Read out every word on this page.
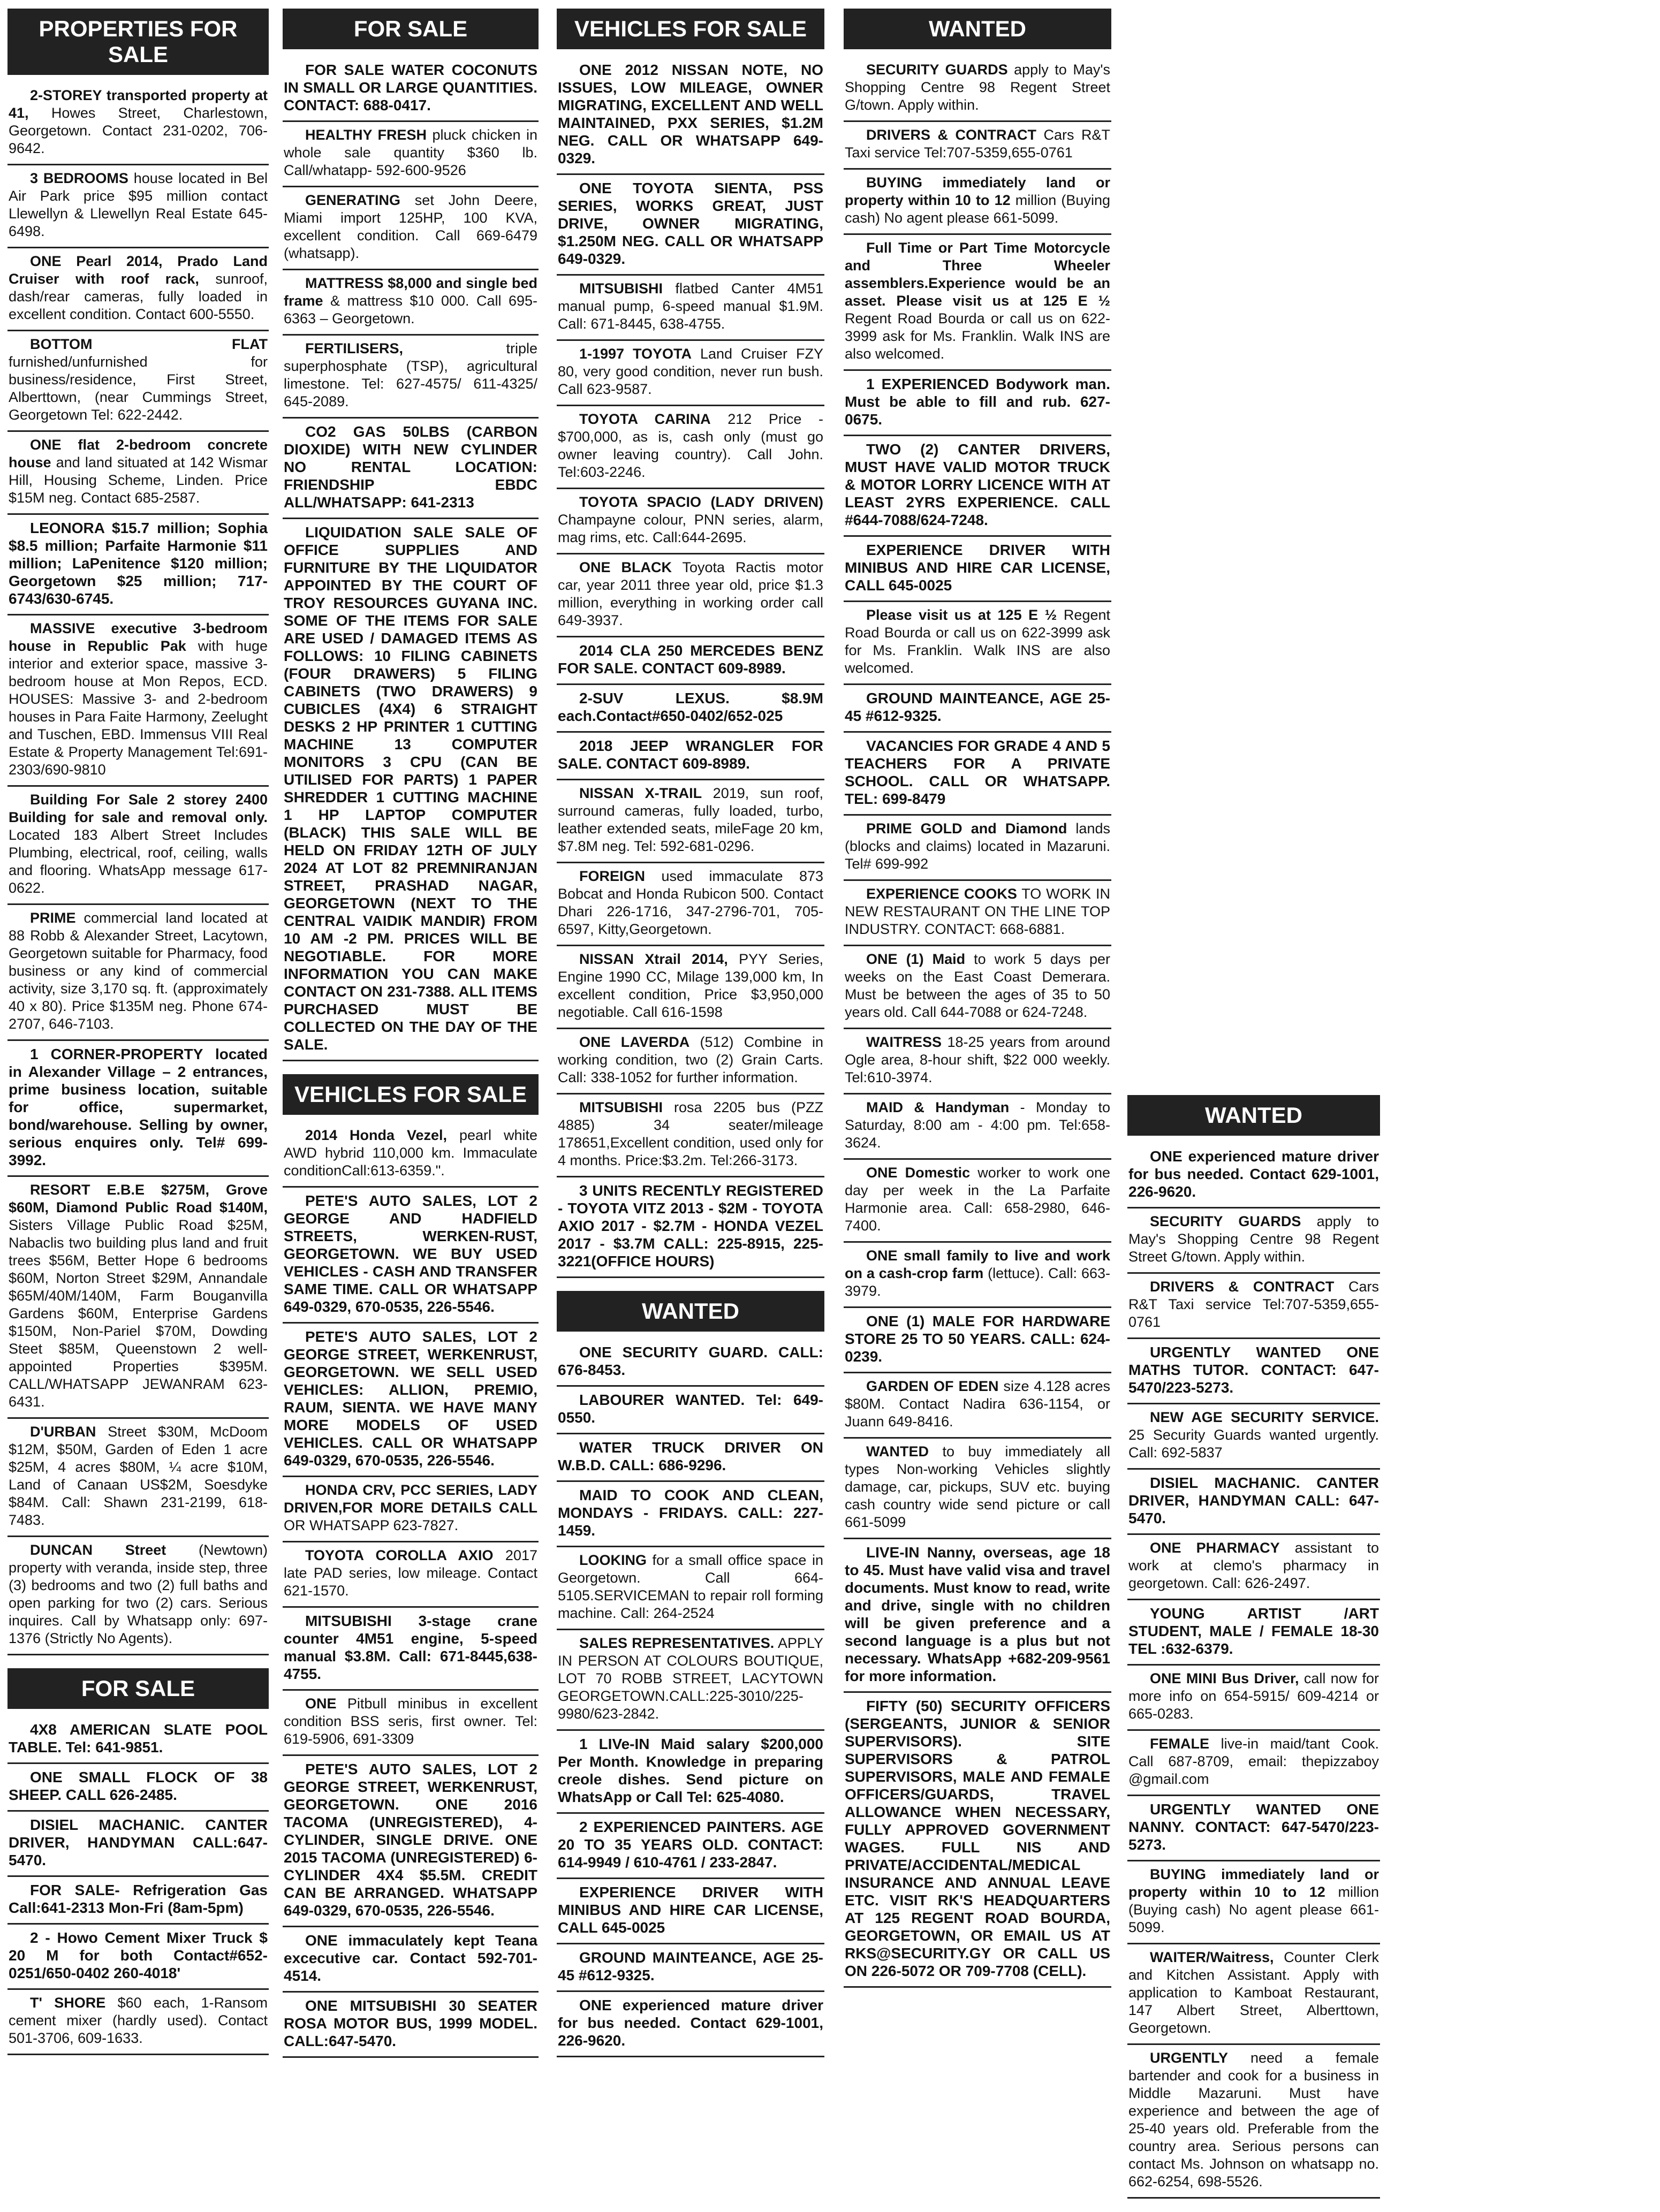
PROPERTIES FOR SALE
2-STOREY transported property at 41, Howes Street, Charlestown, Georgetown. Contact 231-0202, 706-9642.
3 BEDROOMS house located in Bel Air Park price $95 million contact Llewellyn & Llewellyn Real Estate 645-6498.
ONE Pearl 2014, Prado Land Cruiser with roof rack, sunroof, dash/rear cameras, fully loaded in excellent condition. Contact 600-5550.
BOTTOM FLAT furnished/unfurnished for business/residence, First Street, Alberttown, (near Cummings Street, Georgetown Tel: 622-2442.
ONE flat 2-bedroom concrete house and land situated at 142 Wismar Hill, Housing Scheme, Linden. Price $15M neg. Contact 685-2587.
LEONORA $15.7 million; Sophia $8.5 million; Parfaite Harmonie $11 million; LaPenitence $120 million; Georgetown $25 million; 717-6743/630-6745.
MASSIVE executive 3-bedroom house in Republic Pak with huge interior and exterior space, massive 3-bedroom house at Mon Repos, ECD. HOUSES: Massive 3- and 2-bedroom houses in Para Faite Harmony, Zeelught and Tuschen, EBD. Immensus VIII Real Estate & Property Management Tel:691-2303/690-9810
Building For Sale 2 storey 2400 Building for sale and removal only. Located 183 Albert Street Includes Plumbing, electrical, roof, ceiling, walls and flooring. WhatsApp message 617-0622.
PRIME commercial land located at 88 Robb & Alexander Street, Lacytown, Georgetown suitable for Pharmacy, food business or any kind of commercial activity, size 3,170 sq. ft. (approximately 40 x 80). Price $135M neg. Phone 674-2707, 646-7103.
1 CORNER-PROPERTY located in Alexander Village – 2 entrances, prime business location, suitable for office, supermarket, bond/warehouse. Selling by owner, serious enquires only. Tel# 699-3992.
RESORT E.B.E $275M, Grove $60M, Diamond Public Road $140M, Sisters Village Public Road $25M, Nabaclis two building plus land and fruit trees $56M, Better Hope 6 bedrooms $60M, Norton Street $29M, Annandale $65M/40M/140M, Farm Bouganvilla Gardens $60M, Enterprise Gardens $150M, Non-Pariel $70M, Dowding Steet $85M, Queenstown 2 well-appointed Properties $395M. CALL/WHATSAPP JEWANRAM 623-6431.
D'URBAN Street $30M, McDoom $12M, $50M, Garden of Eden 1 acre $25M, 4 acres $80M, ¼ acre $10M, Land of Canaan US$2M, Soesdyke $84M. Call: Shawn 231-2199, 618-7483.
DUNCAN Street (Newtown) property with veranda, inside step, three (3) bedrooms and two (2) full baths and open parking for two (2) cars. Serious inquires. Call by Whatsapp only: 697-1376 (Strictly No Agents).
FOR SALE
4X8 AMERICAN SLATE POOL TABLE. Tel: 641-9851.
ONE SMALL FLOCK OF 38 SHEEP. CALL 626-2485.
DISIEL MACHANIC. CANTER DRIVER, HANDYMAN CALL:647-5470.
FOR SALE- Refrigeration Gas Call:641-2313 Mon-Fri (8am-5pm)
2 - Howo Cement Mixer Truck $ 20 M for both Contact#652-0251/650-0402 260-4018'
T' SHORE $60 each, 1-Ransom cement mixer (hardly used). Contact 501-3706, 609-1633.
FOR SALE
FOR SALE WATER COCONUTS IN SMALL OR LARGE QUANTITIES. CONTACT: 688-0417.
HEALTHY FRESH pluck chicken in whole sale quantity $360 lb. Call/whatapp- 592-600-9526
GENERATING set John Deere, Miami import 125HP, 100 KVA, excellent condition. Call 669-6479 (whatsapp).
MATTRESS $8,000 and single bed frame & mattress $10 000. Call 695-6363 – Georgetown.
FERTILISERS, triple superphosphate (TSP), agricultural limestone. Tel: 627-4575/ 611-4325/ 645-2089.
CO2 GAS 50LBS (CARBON DIOXIDE) WITH NEW CYLINDER NO RENTAL LOCATION: FRIENDSHIP EBDC ALL/WHATSAPP: 641-2313
LIQUIDATION SALE SALE OF OFFICE SUPPLIES AND FURNITURE BY THE LIQUIDATOR APPOINTED BY THE COURT OF TROY RESOURCES GUYANA INC. SOME OF THE ITEMS FOR SALE ARE USED / DAMAGED ITEMS AS FOLLOWS: 10 FILING CABINETS (FOUR DRAWERS) 5 FILING CABINETS (TWO DRAWERS) 9 CUBICLES (4X4) 6 STRAIGHT DESKS 2 HP PRINTER 1 CUTTING MACHINE 13 COMPUTER MONITORS 3 CPU (CAN BE UTILISED FOR PARTS) 1 PAPER SHREDDER 1 CUTTING MACHINE 1 HP LAPTOP COMPUTER (BLACK) THIS SALE WILL BE HELD ON FRIDAY 12TH OF JULY 2024 AT LOT 82 PREMNIRANJAN STREET, PRASHAD NAGAR, GEORGETOWN (NEXT TO THE CENTRAL VAIDIK MANDIR) FROM 10 AM -2 PM. PRICES WILL BE NEGOTIABLE. FOR MORE INFORMATION YOU CAN MAKE CONTACT ON 231-7388. ALL ITEMS PURCHASED MUST BE COLLECTED ON THE DAY OF THE SALE.
VEHICLES FOR SALE
2014 Honda Vezel, pearl white AWD hybrid 110,000 km. Immaculate conditionCall:613-6359.".
PETE'S AUTO SALES, LOT 2 GEORGE AND HADFIELD STREETS, WERKEN-RUST, GEORGETOWN. WE BUY USED VEHICLES - CASH AND TRANSFER SAME TIME. CALL OR WHATSAPP 649-0329, 670-0535, 226-5546.
PETE'S AUTO SALES, LOT 2 GEORGE STREET, WERKENRUST, GEORGETOWN. WE SELL USED VEHICLES: ALLION, PREMIO, RAUM, SIENTA. WE HAVE MANY MORE MODELS OF USED VEHICLES. CALL OR WHATSAPP 649-0329, 670-0535, 226-5546.
HONDA CRV, PCC SERIES, LADY DRIVEN,FOR MORE DETAILS CALL OR WHATSAPP 623-7827.
TOYOTA COROLLA AXIO 2017 late PAD series, low mileage. Contact 621-1570.
MITSUBISHI 3-stage crane counter 4M51 engine, 5-speed manual $3.8M. Call: 671-8445,638-4755.
ONE Pitbull minibus in excellent condition BSS seris, first owner. Tel: 619-5906, 691-3309
PETE'S AUTO SALES, LOT 2 GEORGE STREET, WERKENRUST, GEORGETOWN. ONE 2016 TACOMA (UNREGISTERED), 4-CYLINDER, SINGLE DRIVE. ONE 2015 TACOMA (UNREGISTERED) 6-CYLINDER 4X4 $5.5M. CREDIT CAN BE ARRANGED. WHATSAPP 649-0329, 670-0535, 226-5546.
ONE immaculately kept Teana excecutive car. Contact 592-701-4514.
ONE MITSUBISHI 30 SEATER ROSA MOTOR BUS, 1999 MODEL. CALL:647-5470.
VEHICLES FOR SALE
ONE 2012 NISSAN NOTE, NO ISSUES, LOW MILEAGE, OWNER MIGRATING, EXCELLENT AND WELL MAINTAINED, PXX SERIES, $1.2M NEG. CALL OR WHATSAPP 649-0329.
ONE TOYOTA SIENTA, PSS SERIES, WORKS GREAT, JUST DRIVE, OWNER MIGRATING, $1.250M NEG. CALL OR WHATSAPP 649-0329.
MITSUBISHI flatbed Canter 4M51 manual pump, 6-speed manual $1.9M. Call: 671-8445, 638-4755.
1-1997 TOYOTA Land Cruiser FZY 80, very good condition, never run bush. Call 623-9587.
TOYOTA CARINA 212 Price - $700,000, as is, cash only (must go owner leaving country). Call John. Tel:603-2246.
TOYOTA SPACIO (LADY DRIVEN) Champayne colour, PNN series, alarm, mag rims, etc. Call:644-2695.
ONE BLACK Toyota Ractis motor car, year 2011 three year old, price $1.3 million, everything in working order call 649-3937.
2014 CLA 250 MERCEDES BENZ FOR SALE. CONTACT 609-8989.
2-SUV LEXUS. $8.9M each.Contact#650-0402/652-025
2018 JEEP WRANGLER FOR SALE. CONTACT 609-8989.
NISSAN X-TRAIL 2019, sun roof, surround cameras, fully loaded, turbo, leather extended seats, mileFage 20 km, $7.8M neg. Tel: 592-681-0296.
FOREIGN used immaculate 873 Bobcat and Honda Rubicon 500. Contact Dhari 226-1716, 347-2796-701, 705-6597, Kitty,Georgetown.
NISSAN Xtrail 2014, PYY Series, Engine 1990 CC, Milage 139,000 km, In excellent condition, Price $3,950,000 negotiable. Call 616-1598
ONE LAVERDA (512) Combine in working condition, two (2) Grain Carts. Call: 338-1052 for further information.
MITSUBISHI rosa 2205 bus (PZZ 4885) 34 seater/mileage 178651,Excellent condition, used only for 4 months. Price:$3.2m. Tel:266-3173.
3 UNITS RECENTLY REGISTERED - TOYOTA VITZ 2013 - $2M - TOYOTA AXIO 2017 - $2.7M - HONDA VEZEL 2017 - $3.7M CALL: 225-8915, 225-3221(OFFICE HOURS)
WANTED
ONE SECURITY GUARD. CALL: 676-8453.
LABOURER WANTED. Tel: 649-0550.
WATER TRUCK DRIVER ON W.B.D. CALL: 686-9296.
MAID TO COOK AND CLEAN, MONDAYS - FRIDAYS. CALL: 227-1459.
LOOKING for a small office space in Georgetown. Call 664-5105.SERVICEMAN to repair roll forming machine. Call: 264-2524
SALES REPRESENTATIVES. APPLY IN PERSON AT COLOURS BOUTIQUE, LOT 70 ROBB STREET, LACYTOWN GEORGETOWN.CALL:225-3010/225-9980/623-2842.
1 LIVe-IN Maid salary $200,000 Per Month. Knowledge in preparing creole dishes. Send picture on WhatsApp or Call Tel: 625-4080.
2 EXPERIENCED PAINTERS. AGE 20 TO 35 YEARS OLD. CONTACT: 614-9949 / 610-4761 / 233-2847.
EXPERIENCE DRIVER WITH MINIBUS AND HIRE CAR LICENSE, CALL 645-0025
GROUND MAINTEANCE, AGE 25-45 #612-9325.
ONE experienced mature driver for bus needed. Contact 629-1001, 226-9620.
WANTED
SECURITY GUARDS apply to May's Shopping Centre 98 Regent Street G/town. Apply within.
DRIVERS & CONTRACT Cars R&T Taxi service Tel:707-5359,655-0761
BUYING immediately land or property within 10 to 12 million (Buying cash) No agent please 661-5099.
Full Time or Part Time Motorcycle and Three Wheeler assemblers.Experience would be an asset. Please visit us at 125 E ½ Regent Road Bourda or call us on 622-3999 ask for Ms. Franklin. Walk INS are also welcomed.
1 EXPERIENCED Bodywork man. Must be able to fill and rub. 627-0675.
TWO (2) CANTER DRIVERS, MUST HAVE VALID MOTOR TRUCK & MOTOR LORRY LICENCE WITH AT LEAST 2YRS EXPERIENCE. CALL #644-7088/624-7248.
EXPERIENCE DRIVER WITH MINIBUS AND HIRE CAR LICENSE, CALL 645-0025
Please visit us at 125 E ½ Regent Road Bourda or call us on 622-3999 ask for Ms. Franklin. Walk INS are also welcomed.
GROUND MAINTEANCE, AGE 25-45 #612-9325.
VACANCIES FOR GRADE 4 AND 5 TEACHERS FOR A PRIVATE SCHOOL. CALL OR WHATSAPP. TEL: 699-8479
PRIME GOLD and Diamond lands (blocks and claims) located in Mazaruni. Tel# 699-992
EXPERIENCE COOKS TO WORK IN NEW RESTAURANT ON THE LINE TOP INDUSTRY. CONTACT: 668-6881.
ONE (1) Maid to work 5 days per weeks on the East Coast Demerara. Must be between the ages of 35 to 50 years old. Call 644-7088 or 624-7248.
WAITRESS 18-25 years from around Ogle area, 8-hour shift, $22 000 weekly. Tel:610-3974.
MAID & Handyman - Monday to Saturday, 8:00 am - 4:00 pm. Tel:658-3624.
ONE Domestic worker to work one day per week in the La Parfaite Harmonie area. Call: 658-2980, 646-7400.
ONE small family to live and work on a cash-crop farm (lettuce). Call: 663-3979.
ONE (1) MALE FOR HARDWARE STORE 25 TO 50 YEARS. CALL: 624-0239.
GARDEN OF EDEN size 4.128 acres $80M. Contact Nadira 636-1154, or Juann 649-8416.
WANTED to buy immediately all types Non-working Vehicles slightly damage, car, pickups, SUV etc. buying cash country wide send picture or call 661-5099
LIVE-IN Nanny, overseas, age 18 to 45. Must have valid visa and travel documents. Must know to read, write and drive, single with no children will be given preference and a second language is a plus but not necessary. WhatsApp +682-209-9561 for more information.
FIFTY (50) SECURITY OFFICERS (SERGEANTS, JUNIOR & SENIOR SUPERVISORS). SITE SUPERVISORS & PATROL SUPERVISORS, MALE AND FEMALE OFFICERS/GUARDS, TRAVEL ALLOWANCE WHEN NECESSARY, FULLY APPROVED GOVERNMENT WAGES. FULL NIS AND PRIVATE/ACCIDENTAL/MEDICAL INSURANCE AND ANNUAL LEAVE ETC. VISIT RK'S HEADQUARTERS AT 125 REGENT ROAD BOURDA, GEORGETOWN, OR EMAIL US AT RKS@SECURITY.GY OR CALL US ON 226-5072 OR 709-7708 (CELL).
WANTED
ONE experienced mature driver for bus needed. Contact 629-1001, 226-9620.
SECURITY GUARDS apply to May's Shopping Centre 98 Regent Street G/town. Apply within.
DRIVERS & CONTRACT Cars R&T Taxi service Tel:707-5359,655-0761
URGENTLY WANTED ONE MATHS TUTOR. CONTACT: 647-5470/223-5273.
NEW AGE SECURITY SERVICE. 25 Security Guards wanted urgently. Call: 692-5837
DISIEL MACHANIC. CANTER DRIVER, HANDYMAN CALL: 647-5470.
ONE PHARMACY assistant to work at clemo's pharmacy in georgetown. Call: 626-2497.
YOUNG ARTIST /ART STUDENT, MALE / FEMALE 18-30 TEL :632-6379.
ONE MINI Bus Driver, call now for more info on 654-5915/ 609-4214 or 665-0283.
FEMALE live-in maid/tant Cook. Call 687-8709, email: thepizzaboy @gmail.com
URGENTLY WANTED ONE NANNY. CONTACT: 647-5470/223-5273.
BUYING immediately land or property within 10 to 12 million (Buying cash) No agent please 661-5099.
WAITER/Waitress, Counter Clerk and Kitchen Assistant. Apply with application to Kamboat Restaurant, 147 Albert Street, Alberttown, Georgetown.
URGENTLY need a female bartender and cook for a business in Middle Mazaruni. Must have experience and between the age of 25-40 years old. Preferable from the country area. Serious persons can contact Ms. Johnson on whatsapp no. 662-6254, 698-5526.
